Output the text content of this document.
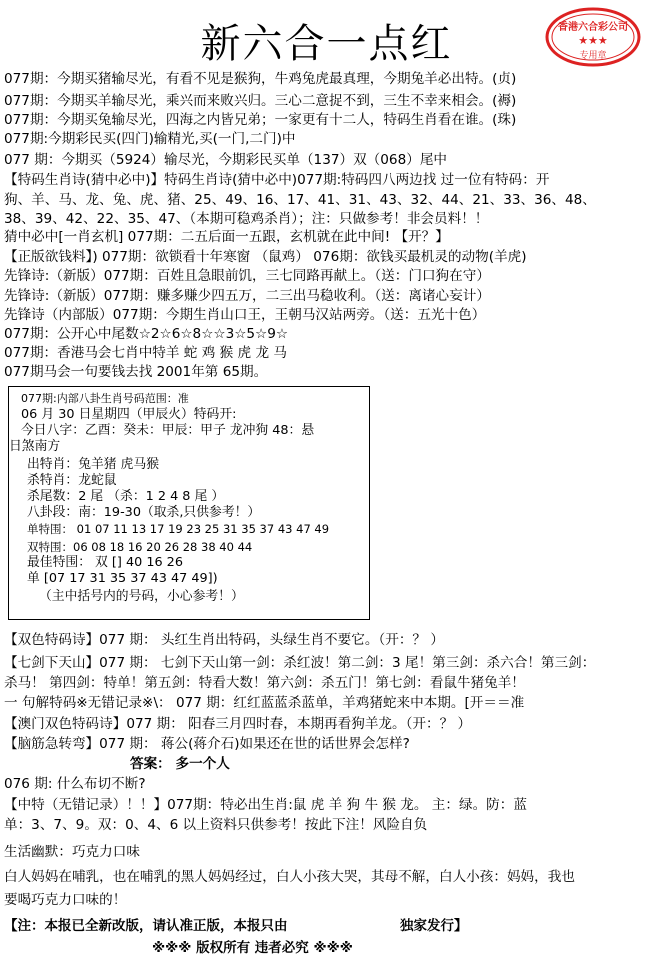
新六合一点红	香港六合彩公司
★★★
专用章
077期：今期买猪输尽光，有看不见是猴狗，牛鸡兔虎最真理，今期兔羊必出特。(贞)
077期：今期买羊输尽光，乘兴而来败兴归。三心二意捉不到，三生不幸来相会。(褥)
077期：今期买兔输尽光，四海之内皆兄弟；一家更有十二人，特码生肖看在谁。(珠)
077期:今期彩民买(四门)输精光,买(一门,二门)中
077 期：今期买（5924）输尽光，今期彩民买单（137）双（068）尾中
【特码生肖诗(猜中必中)】特码生肖诗(猜中必中)077期:特码四八两边找 过一位有特码：开
狗、羊、马、龙、兔、虎、猪、25、49、16、17、41、31、43、32、44、21、33、36、48、
38、39、42、22、35、47、（本期可稳鸡杀肖）；注：只做参考！非会员料！！
猜中必中[一肖玄机] 077期：二五后面一五跟，玄机就在此中间! 【开？】
【正版欲钱料】) 077期：欲锁看十年寒窗 （鼠鸡） 076期：欲钱买最机灵的动物(羊虎)
先锋诗:（新版）077期：百姓且急眼前饥，三七同路再献上。（送：门口狗在守）
先锋诗:（新版）077期：赚多赚少四五万，二三出马稳收利。（送：离诸心妄计）
先锋诗（内部版）077期：今期生肖山口王，王朝马汉站两旁。（送：五光十色）
077期：公开心中尾数☆2☆6☆8☆☆3☆5☆9☆
077期：香港马会七肖中特羊 蛇 鸡 猴 虎 龙 马
077期马会一句要钱去找 2001年第 65期。
077期:内部八卦生肖号码范围：准
06 月 30 日星期四（甲辰火）特码开:
今日八字：乙酉：癸未：甲辰：甲子 龙冲狗 48：悬
日煞南方
出特肖：兔羊猪 虎马猴
杀特肖：龙蛇鼠
杀尾数：2 尾 （杀：1 2 4 8 尾 ）
八卦段：南：19-30（取杀,只供参考！）
单特围： 01 07 11 13 17 19 23 25 31 35 37 43 47 49
双特围：06 08 18 16 20 26 28 38 40 44
最佳特围： 双 [] 40 16 26
单 [07 17 31 35 37 43 47 49])
（主中括号内的号码，小心参考！）
【双色特码诗】077 期： 头红生肖出特码，头绿生肖不要它。（开：？ ）
【七剑下天山】077 期： 七剑下天山第一剑：杀红波！第二剑：3 尾！第三剑：杀六合！第三剑：
杀马！ 第四剑：特单！第五剑：特看大数！第六剑：杀五门！第七剑：看鼠牛猪兔羊！
一 句解特码※无错记录※\： 077 期：红红蓝蓝杀蓝单，羊鸡猪蛇来中本期。[开＝＝准
【澳门双色特码诗】077 期： 阳春三月四时春，本期再看狗羊龙。（开：？ ）
【脑筋急转弯】077 期： 蒋公(蒋介石)如果还在世的话世界会怎样?
答案： 多一个人
076 期: 什么布切不断?
【中特（无错记录）！！】077期：特必出生肖:鼠 虎 羊 狗 牛 猴 龙。 主：绿。防：蓝
单：3、7、9。双：0、4、6 以上资料只供参考！按此下注！风险自负
生活幽默：巧克力口味
白人妈妈在哺乳，也在哺乳的黑人妈妈经过，白人小孩大哭，其母不解，白人小孩：妈妈，我也
要喝巧克力口味的！
【注：本报已全新改版，请认准正版，本报只由	独家发行】
※※※ 版权所有 违者必究 ※※※
